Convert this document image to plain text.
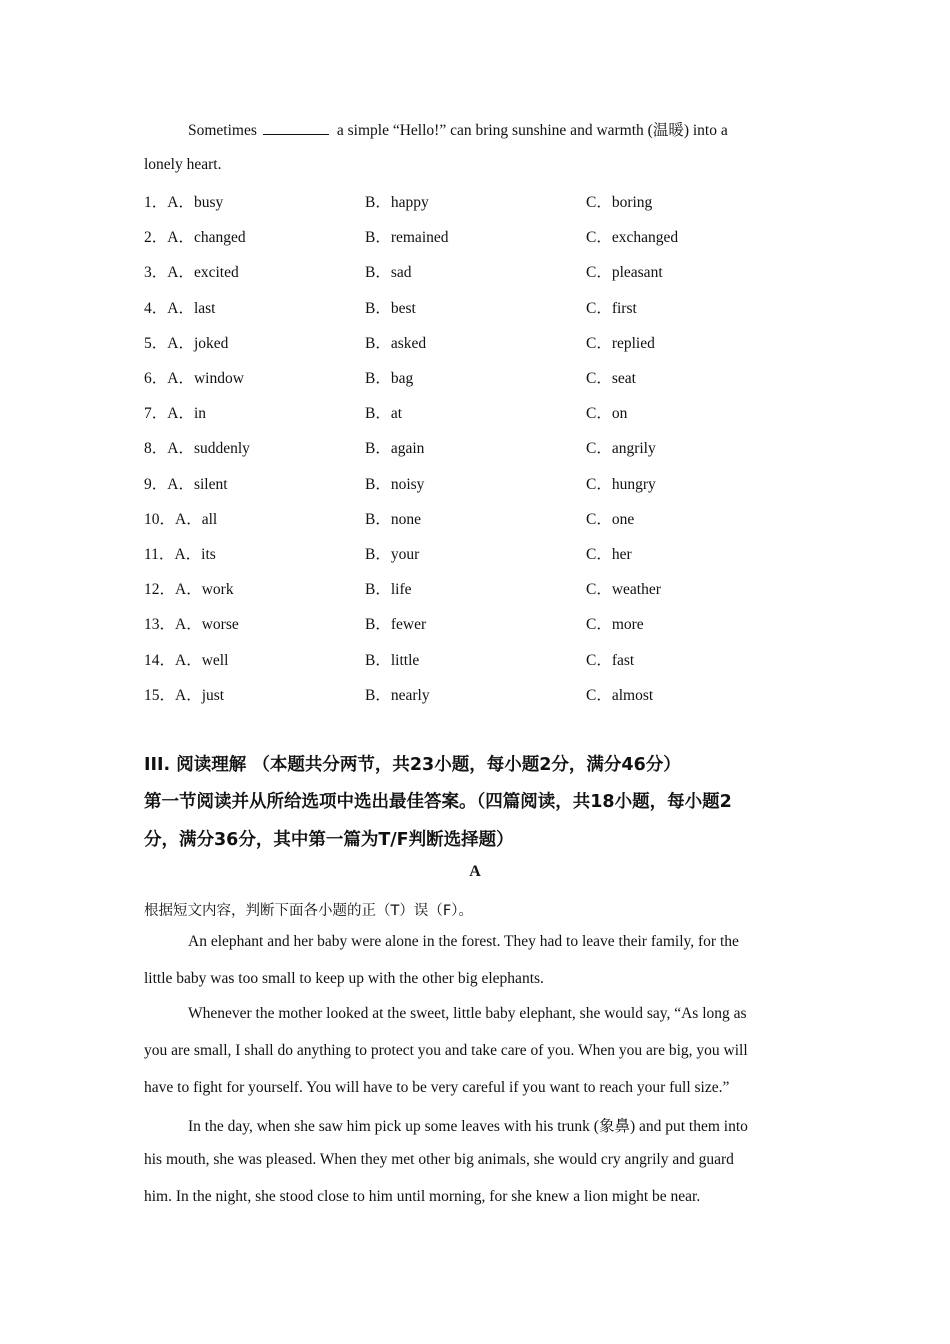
Sometimes	a simple “Hello!” can bring sunshine and warmth (温暖) into a
lonely heart.
1．A．busy	B．happy	C．boring
2．A．changed	B．remained	C．exchanged
3．A．excited	B．sad	C．pleasant
4．A．last	B．best	C．first
5．A．joked	B．asked	C．replied
6．A．window	B．bag	C．seat
7．A．in	B．at	C．on
8．A．suddenly	B．again	C．angrily
9．A．silent	B．noisy	C．hungry
10．A．all	B．none	C．one
11．A．its	B．your	C．her
12．A．work	B．life	C．weather
13．A．worse	B．fewer	C．more
14．A．well	B．little	C．fast
15．A．just	B．nearly	C．almost
III. 阅读理解 （本题共分两节，共23小题，每小题2分，满分46分）
第一节阅读并从所给选项中选出最佳答案。（四篇阅读，共18小题，每小题2
分，满分36分，其中第一篇为T/F判断选择题）
A
根据短文内容，判断下面各小题的正（T）误（F）。
An elephant and her baby were alone in the forest. They had to leave their family, for the
little baby was too small to keep up with the other big elephants.
Whenever the mother looked at the sweet, little baby elephant, she would say, “As long as
you are small, I shall do anything to protect you and take care of you. When you are big, you will
have to fight for yourself. You will have to be very careful if you want to reach your full size.”
In the day, when she saw him pick up some leaves with his trunk (象鼻) and put them into
his mouth, she was pleased. When they met other big animals, she would cry angrily and guard
him. In the night, she stood close to him until morning, for she knew a lion might be near.
